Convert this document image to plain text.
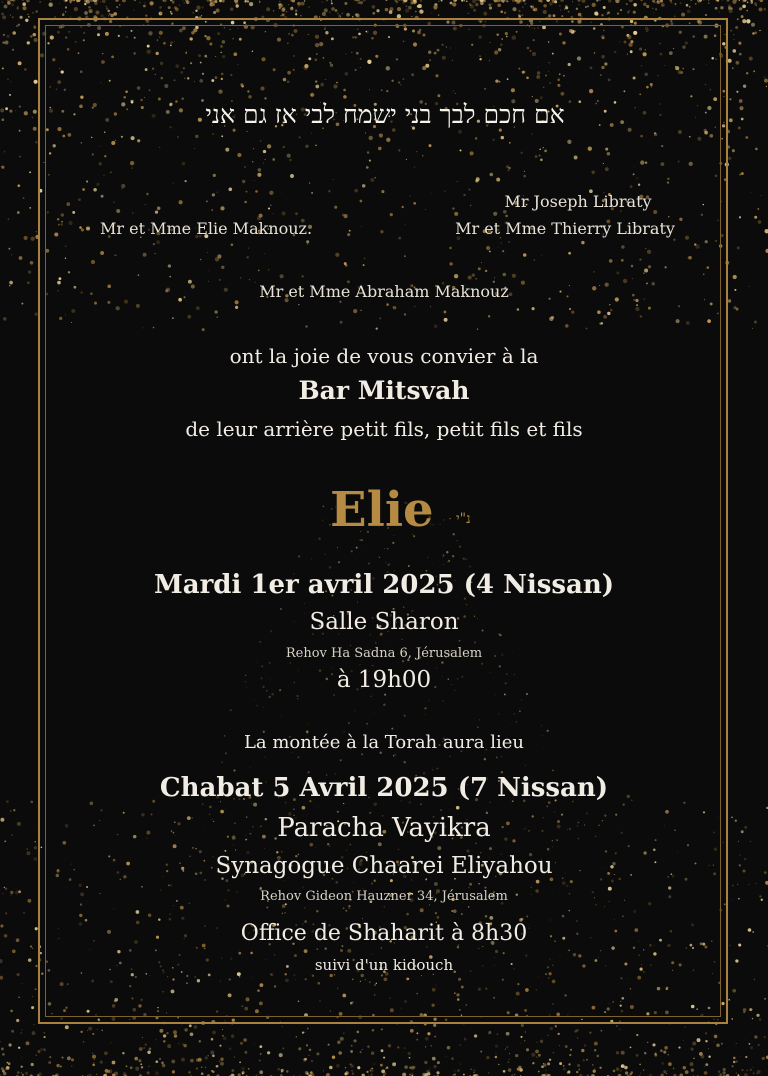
אם חכם לבך בני ישמח לבי אז גם אני
Mr et Mme Elie Maknouz.
Mr Joseph Libraty
Mr et Mme Thierry Libraty
Mr et Mme Abraham Maknouz
ont la joie de vous convier à la
Bar Mitsvah
de leur arrière petit fils, petit fils et fils
Elie נ"י
Mardi 1er avril 2025 (4 Nissan)
Salle Sharon
Rehov Ha Sadna 6, Jérusalem
à 19h00
La montée à la Torah aura lieu
Chabat 5 Avril 2025 (7 Nissan)
Paracha Vayikra
Synagogue Chaarei Eliyahou
Rehov Gideon Hauzner 34, Jérusalem
Office de Shaharit à 8h30
suivi d'un kidouch
